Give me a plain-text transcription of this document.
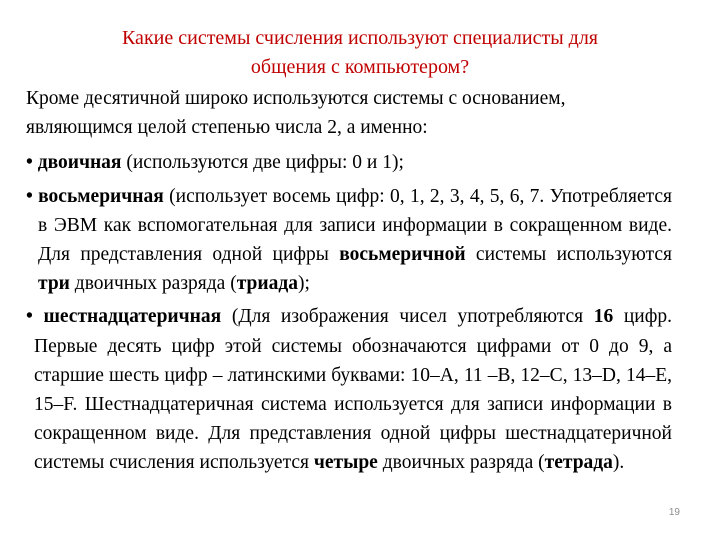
Какие системы счисления используют специалисты для
общения с компьютером?
Кроме десятичной широко используются системы с основанием,
являющимся целой степенью числа 2, а именно:

• двоичная (используются две цифры: 0 и 1);

• восьмеричная (использует восемь цифр: 0, 1, 2, 3, 4, 5, 6, 7. Употребляется в ЭВМ как вспомогательная для записи информации в сокращенном виде. Для представления одной цифры восьмеричной системы используются три двоичных разряда (триада);

• шестнадцатеричная (Для изображения чисел употребляются 16 цифр. Первые десять цифр этой системы обозначаются цифрами от 0 до 9, а старшие шесть цифр – латинскими буквами: 10–A, 11 –B, 12–C, 13–D, 14–E, 15–F. Шестнадцатеричная система используется для записи информации в сокращенном виде. Для представления одной цифры шестнадцатеричной системы счисления используется четыре двоичных разряда (тетрада).

19
